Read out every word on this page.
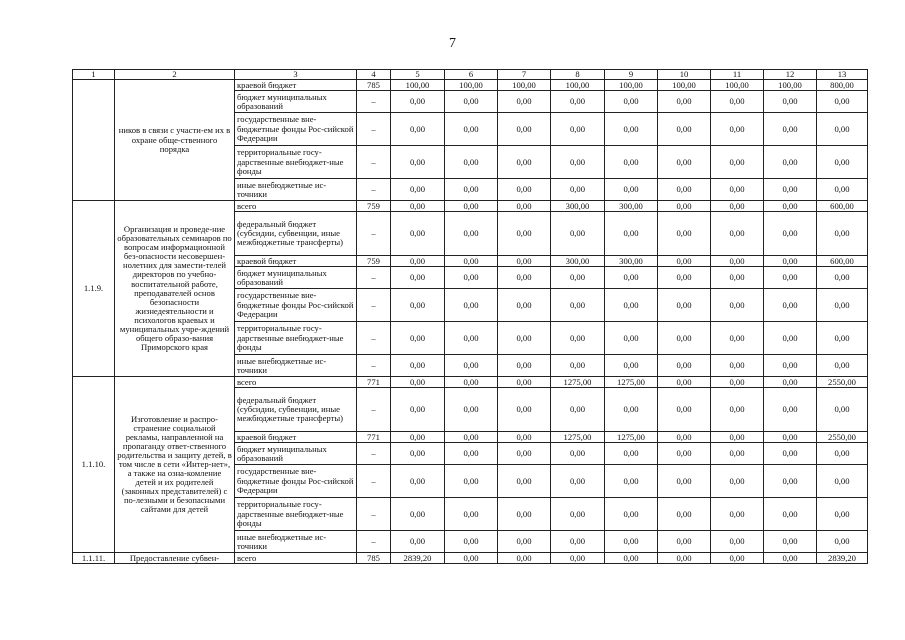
7
1	2	3	4	5	6	7	8	9	10	11	12	13
	ников в связи с участи-ем их в охране обще-ственного порядка	краевой бюджет	785	100,00	100,00	100,00	100,00	100,00	100,00	100,00	100,00	800,00
		бюджет муниципальных образований	–	0,00	0,00	0,00	0,00	0,00	0,00	0,00	0,00	0,00
		государственные вне-бюджетные фонды Рос-сийской Федерации	–	0,00	0,00	0,00	0,00	0,00	0,00	0,00	0,00	0,00
		территориальные госу-дарственные внебюджет-ные фонды	–	0,00	0,00	0,00	0,00	0,00	0,00	0,00	0,00	0,00
		иные внебюджетные ис-точники	–	0,00	0,00	0,00	0,00	0,00	0,00	0,00	0,00	0,00
1.1.9.	Организация и проведе-ние образовательных семинаров по вопросам информационной без-опасности несовершен-нолетних для замести-телей директоров по учебно-воспитательной работе, преподавателей основ безопасности жизнедеятельности и психологов краевых и муниципальных учре-ждений общего образо-вания Приморского края	всего	759	0,00	0,00	0,00	300,00	300,00	0,00	0,00	0,00	600,00
		федеральный бюджет (субсидии, субвенции, иные межбюджетные трансферты)	–	0,00	0,00	0,00	0,00	0,00	0,00	0,00	0,00	0,00
		краевой бюджет	759	0,00	0,00	0,00	300,00	300,00	0,00	0,00	0,00	600,00
		бюджет муниципальных образований	–	0,00	0,00	0,00	0,00	0,00	0,00	0,00	0,00	0,00
		государственные вне-бюджетные фонды Рос-сийской Федерации	–	0,00	0,00	0,00	0,00	0,00	0,00	0,00	0,00	0,00
		территориальные госу-дарственные внебюджет-ные фонды	–	0,00	0,00	0,00	0,00	0,00	0,00	0,00	0,00	0,00
		иные внебюджетные ис-точники	–	0,00	0,00	0,00	0,00	0,00	0,00	0,00	0,00	0,00
1.1.10.	Изготовление и распро-странение социальной рекламы, направленной на пропаганду ответ-ственного родительства и защиту детей, в том числе в сети «Интер-нет», а также на озна-комление детей и их родителей (законных представителей) с по-лезными и безопасными сайтами для детей	всего	771	0,00	0,00	0,00	1275,00	1275,00	0,00	0,00	0,00	2550,00
		федеральный бюджет (субсидии, субвенции, иные межбюджетные трансферты)	–	0,00	0,00	0,00	0,00	0,00	0,00	0,00	0,00	0,00
		краевой бюджет	771	0,00	0,00	0,00	1275,00	1275,00	0,00	0,00	0,00	2550,00
		бюджет муниципальных образований	–	0,00	0,00	0,00	0,00	0,00	0,00	0,00	0,00	0,00
		государственные вне-бюджетные фонды Рос-сийской Федерации	–	0,00	0,00	0,00	0,00	0,00	0,00	0,00	0,00	0,00
		территориальные госу-дарственные внебюджет-ные фонды	–	0,00	0,00	0,00	0,00	0,00	0,00	0,00	0,00	0,00
		иные внебюджетные ис-точники	–	0,00	0,00	0,00	0,00	0,00	0,00	0,00	0,00	0,00
1.1.11.	Предоставление субвен-	всего	785	2839,20	0,00	0,00	0,00	0,00	0,00	0,00	0,00	2839,20
